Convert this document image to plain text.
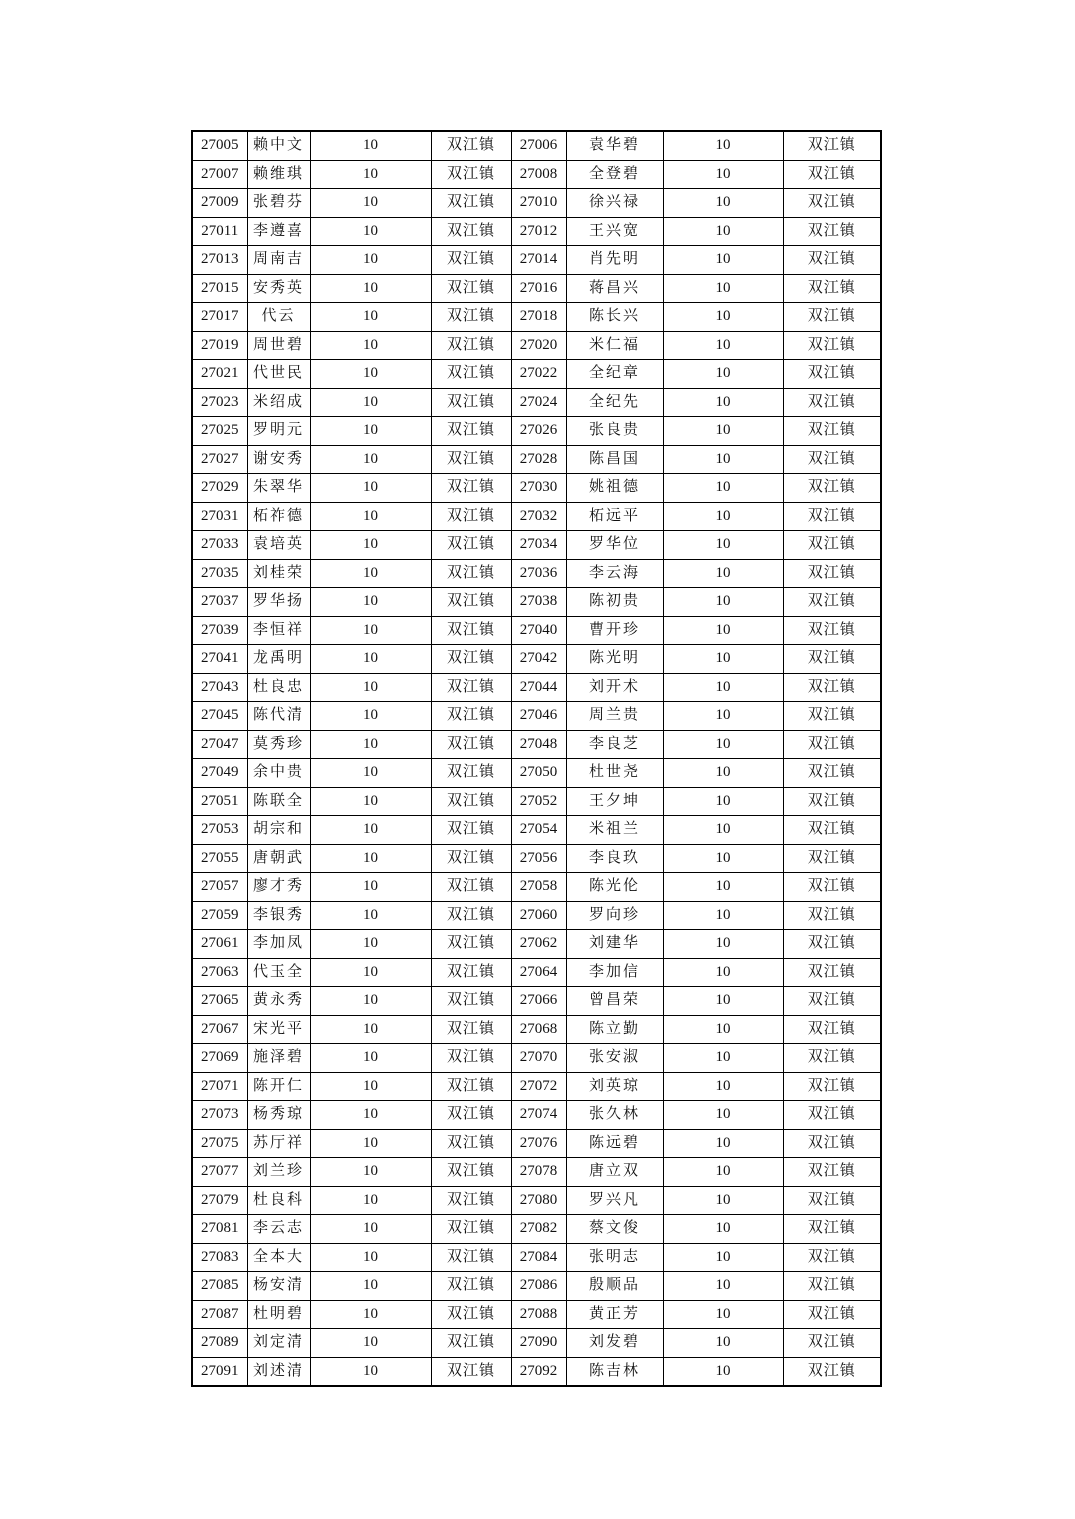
27005	赖中文	10	双江镇	27006	袁华碧	10	双江镇
27007	赖维琪	10	双江镇	27008	全登碧	10	双江镇
27009	张碧芬	10	双江镇	27010	徐兴禄	10	双江镇
27011	李遵喜	10	双江镇	27012	王兴宽	10	双江镇
27013	周南吉	10	双江镇	27014	肖先明	10	双江镇
27015	安秀英	10	双江镇	27016	蒋昌兴	10	双江镇
27017	代云	10	双江镇	27018	陈长兴	10	双江镇
27019	周世碧	10	双江镇	27020	米仁福	10	双江镇
27021	代世民	10	双江镇	27022	全纪章	10	双江镇
27023	米绍成	10	双江镇	27024	全纪先	10	双江镇
27025	罗明元	10	双江镇	27026	张良贵	10	双江镇
27027	谢安秀	10	双江镇	27028	陈昌国	10	双江镇
27029	朱翠华	10	双江镇	27030	姚祖德	10	双江镇
27031	柘祚德	10	双江镇	27032	柘远平	10	双江镇
27033	袁培英	10	双江镇	27034	罗华位	10	双江镇
27035	刘桂荣	10	双江镇	27036	李云海	10	双江镇
27037	罗华扬	10	双江镇	27038	陈初贵	10	双江镇
27039	李恒祥	10	双江镇	27040	曹开珍	10	双江镇
27041	龙禹明	10	双江镇	27042	陈光明	10	双江镇
27043	杜良忠	10	双江镇	27044	刘开术	10	双江镇
27045	陈代清	10	双江镇	27046	周兰贵	10	双江镇
27047	莫秀珍	10	双江镇	27048	李良芝	10	双江镇
27049	余中贵	10	双江镇	27050	杜世尧	10	双江镇
27051	陈联全	10	双江镇	27052	王夕坤	10	双江镇
27053	胡宗和	10	双江镇	27054	米祖兰	10	双江镇
27055	唐朝武	10	双江镇	27056	李良玖	10	双江镇
27057	廖才秀	10	双江镇	27058	陈光伦	10	双江镇
27059	李银秀	10	双江镇	27060	罗向珍	10	双江镇
27061	李加凤	10	双江镇	27062	刘建华	10	双江镇
27063	代玉全	10	双江镇	27064	李加信	10	双江镇
27065	黄永秀	10	双江镇	27066	曾昌荣	10	双江镇
27067	宋光平	10	双江镇	27068	陈立勤	10	双江镇
27069	施泽碧	10	双江镇	27070	张安淑	10	双江镇
27071	陈开仁	10	双江镇	27072	刘英琼	10	双江镇
27073	杨秀琼	10	双江镇	27074	张久林	10	双江镇
27075	苏厅祥	10	双江镇	27076	陈远碧	10	双江镇
27077	刘兰珍	10	双江镇	27078	唐立双	10	双江镇
27079	杜良科	10	双江镇	27080	罗兴凡	10	双江镇
27081	李云志	10	双江镇	27082	蔡文俊	10	双江镇
27083	全本大	10	双江镇	27084	张明志	10	双江镇
27085	杨安清	10	双江镇	27086	殷顺品	10	双江镇
27087	杜明碧	10	双江镇	27088	黄正芳	10	双江镇
27089	刘定清	10	双江镇	27090	刘发碧	10	双江镇
27091	刘述清	10	双江镇	27092	陈吉林	10	双江镇
